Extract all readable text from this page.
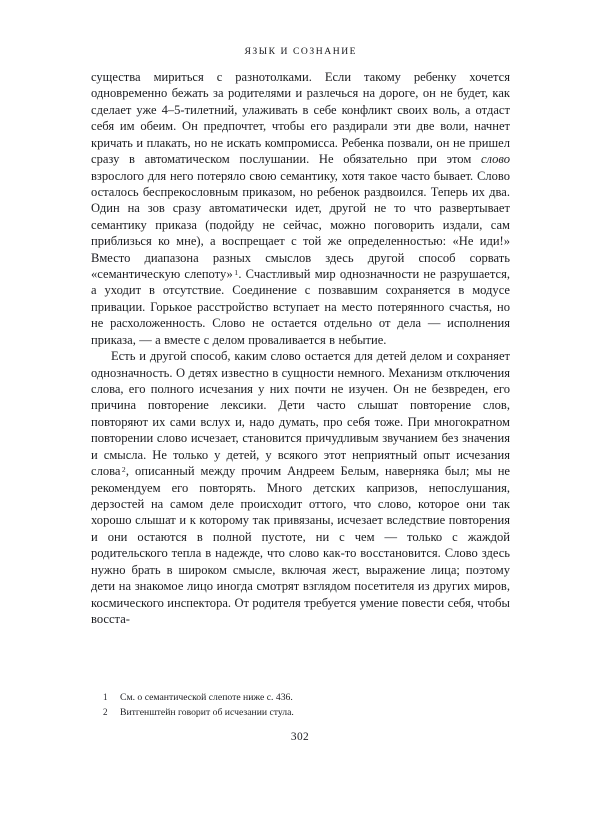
ЯЗЫК И СОЗНАНИЕ

существа мириться с разнотолками. Если такому ребенку хочется одновременно бежать за родителями и разлечься на дороге, он не будет, как сделает уже 4–5-тилетний, улаживать в себе конфликт своих воль, а отдаст себя им обеим. Он предпочтет, чтобы его раздирали эти две воли, начнет кричать и плакать, но не искать компромисса. Ребенка позвали, он не пришел сразу в автоматическом послушании. Не обязательно при этом слово взрослого для него потеряло свою семантику, хотя такое часто бывает. Слово осталось беспрекословным приказом, но ребенок раздвоился. Теперь их два. Один на зов сразу автоматически идет, другой не то что развертывает семантику приказа (подойду не сейчас, можно поговорить издали, сам приблизься ко мне), а воспрещает с той же определенностью: «Не иди!» Вместо диапазона разных смыслов здесь другой способ сорвать «семантическую слепоту»$^1$. Счастливый мир однозначности не разрушается, а уходит в отсутствие. Соединение с позвавшим сохраняется в модусе привации. Горькое расстройство вступает на место потерянного счастья, но не расхоложенность. Слово не остается отдельно от дела — исполнения приказа, — а вместе с делом проваливается в небытие.

Есть и другой способ, каким слово остается для детей делом и сохраняет однозначность. О детях известно в сущности немного. Механизм отключения слова, его полного исчезания у них почти не изучен. Он не безвреден, его причина повторение лексики. Дети часто слышат повторение слов, повторяют их сами вслух и, надо думать, про себя тоже. При многократном повторении слово исчезает, становится причудливым звучанием без значения и смысла. Не только у детей, у всякого этот неприятный опыт исчезания слова$^2$, описанный между прочим Андреем Белым, наверняка был; мы не рекомендуем его повторять. Много детских капризов, непослушания, дерзостей на самом деле происходит оттого, что слово, которое они так хорошо слышат и к которому так привязаны, исчезает вследствие повторения и они остаются в полной пустоте, ни с чем — только с жаждой родительского тепла в надежде, что слово как-то восстановится. Слово здесь нужно брать в широком смысле, включая жест, выражение лица; поэтому дети на знакомое лицо иногда смотрят взглядом посетителя из других миров, космического инспектора. От родителя требуется умение повести себя, чтобы восста-

1	См. о семантической слепоте ниже с. 436.
2	Витгенштейн говорит об исчезании стула.
302
